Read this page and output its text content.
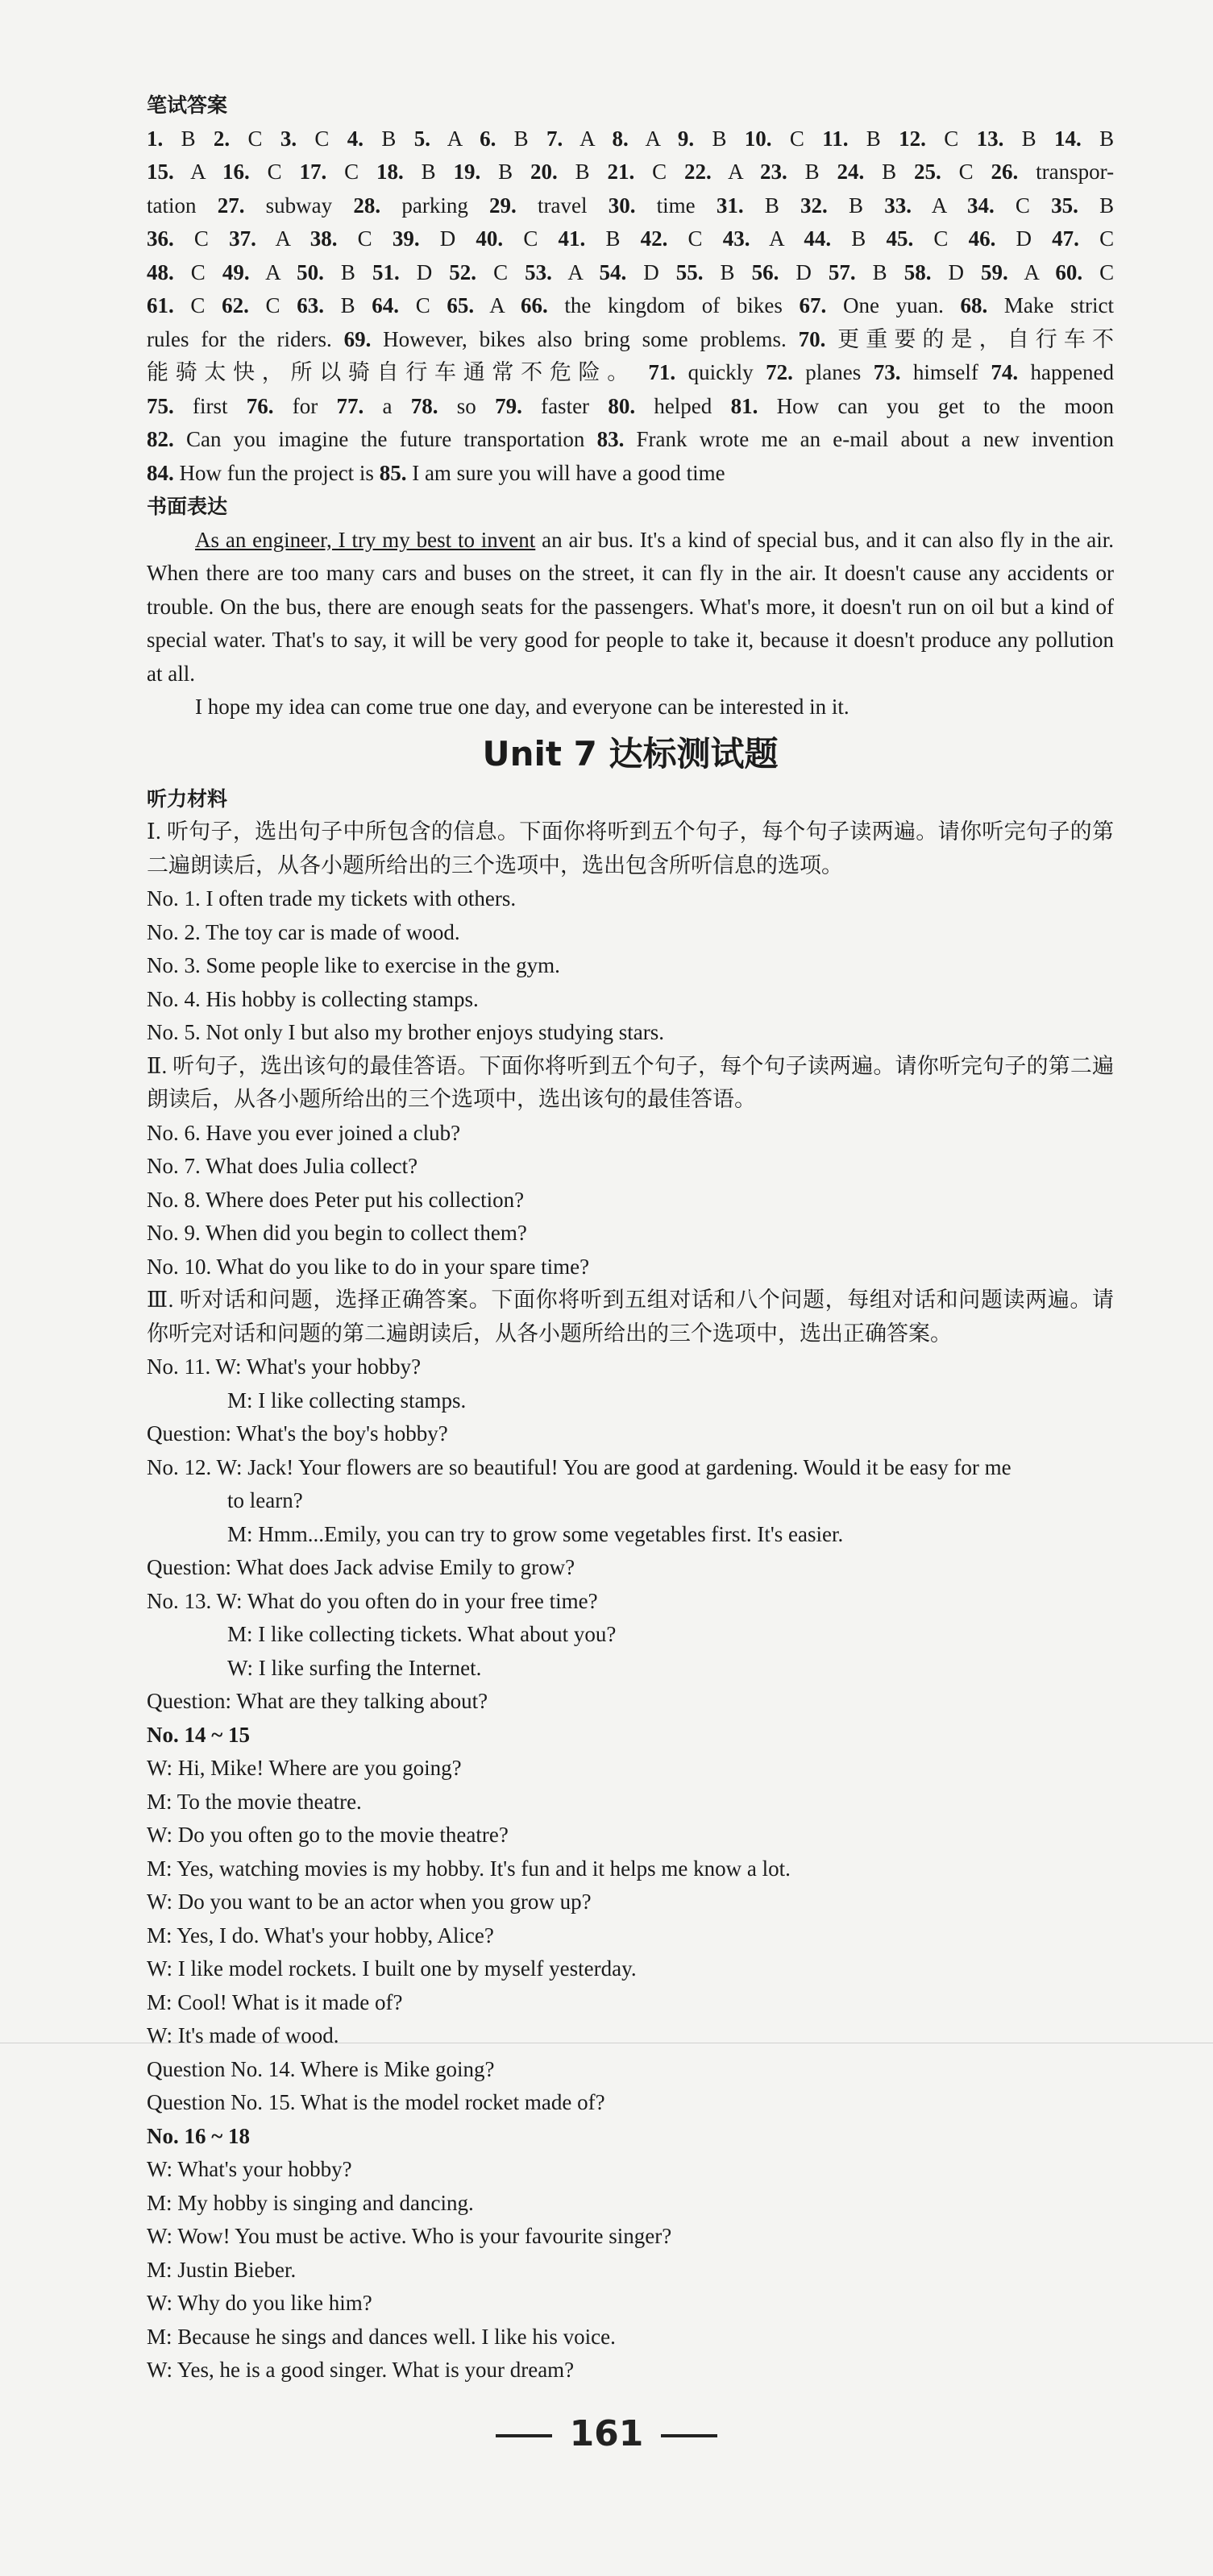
笔试答案
1. B 2. C 3. C 4. B 5. A 6. B 7. A 8. A 9. B 10. C 11. B 12. C 13. B 14. B
15. A 16. C 17. C 18. B 19. B 20. B 21. C 22. A 23. B 24. B 25. C 26. transpor-
tation 27. subway 28. parking 29. travel 30. time 31. B 32. B 33. A 34. C 35. B
36. C 37. A 38. C 39. D 40. C 41. B 42. C 43. A 44. B 45. C 46. D 47. C
48. C 49. A 50. B 51. D 52. C 53. A 54. D 55. B 56. D 57. B 58. D 59. A 60. C
61. C 62. C 63. B 64. C 65. A 66. the kingdom of bikes 67. One yuan. 68. Make strict
rules for the riders. 69. However, bikes also bring some problems. 70. 更重要的是，自行车不
能骑太快，所以骑自行车通常不危险。 71. quickly 72. planes 73. himself 74. happened
75. first 76. for 77. a 78. so 79. faster 80. helped 81. How can you get to the moon
82. Can you imagine the future transportation 83. Frank wrote me an e-mail about a new invention
84. How fun the project is 85. I am sure you will have a good time
书面表达

As an engineer, I try my best to invent an air bus. It's a kind of special bus, and it can also fly in the air. When there are too many cars and buses on the street, it can fly in the air. It doesn't cause any accidents or trouble. On the bus, there are enough seats for the passengers. What's more, it doesn't run on oil but a kind of special water. That's to say, it will be very good for people to take it, because it doesn't produce any pollution at all.

I hope my idea can come true one day, and everyone can be interested in it.

Unit 7 达标测试题
听力材料
Ⅰ. 听句子，选出句子中所包含的信息。下面你将听到五个句子，每个句子读两遍。请你听完句子的第二遍朗读后，从各小题所给出的三个选项中，选出包含所听信息的选项。
No. 1. I often trade my tickets with others.
No. 2. The toy car is made of wood.
No. 3. Some people like to exercise in the gym.
No. 4. His hobby is collecting stamps.
No. 5. Not only I but also my brother enjoys studying stars.
Ⅱ. 听句子，选出该句的最佳答语。下面你将听到五个句子，每个句子读两遍。请你听完句子的第二遍朗读后，从各小题所给出的三个选项中，选出该句的最佳答语。
No. 6. Have you ever joined a club?
No. 7. What does Julia collect?
No. 8. Where does Peter put his collection?
No. 9. When did you begin to collect them?
No. 10. What do you like to do in your spare time?
Ⅲ. 听对话和问题，选择正确答案。下面你将听到五组对话和八个问题，每组对话和问题读两遍。请你听完对话和问题的第二遍朗读后，从各小题所给出的三个选项中，选出正确答案。
No. 11. W: What's your hobby?
M: I like collecting stamps.
Question: What's the boy's hobby?
No. 12. W: Jack! Your flowers are so beautiful! You are good at gardening. Would it be easy for me
to learn?
M: Hmm...Emily, you can try to grow some vegetables first. It's easier.
Question: What does Jack advise Emily to grow?
No. 13. W: What do you often do in your free time?
M: I like collecting tickets. What about you?
W: I like surfing the Internet.
Question: What are they talking about?
No. 14 ~ 15
W: Hi, Mike! Where are you going?
M: To the movie theatre.
W: Do you often go to the movie theatre?
M: Yes, watching movies is my hobby. It's fun and it helps me know a lot.
W: Do you want to be an actor when you grow up?
M: Yes, I do. What's your hobby, Alice?
W: I like model rockets. I built one by myself yesterday.
M: Cool! What is it made of?
W: It's made of wood.
Question No. 14. Where is Mike going?
Question No. 15. What is the model rocket made of?
No. 16 ~ 18
W: What's your hobby?
M: My hobby is singing and dancing.
W: Wow! You must be active. Who is your favourite singer?
M: Justin Bieber.
W: Why do you like him?
M: Because he sings and dances well. I like his voice.
W: Yes, he is a good singer. What is your dream?
161
